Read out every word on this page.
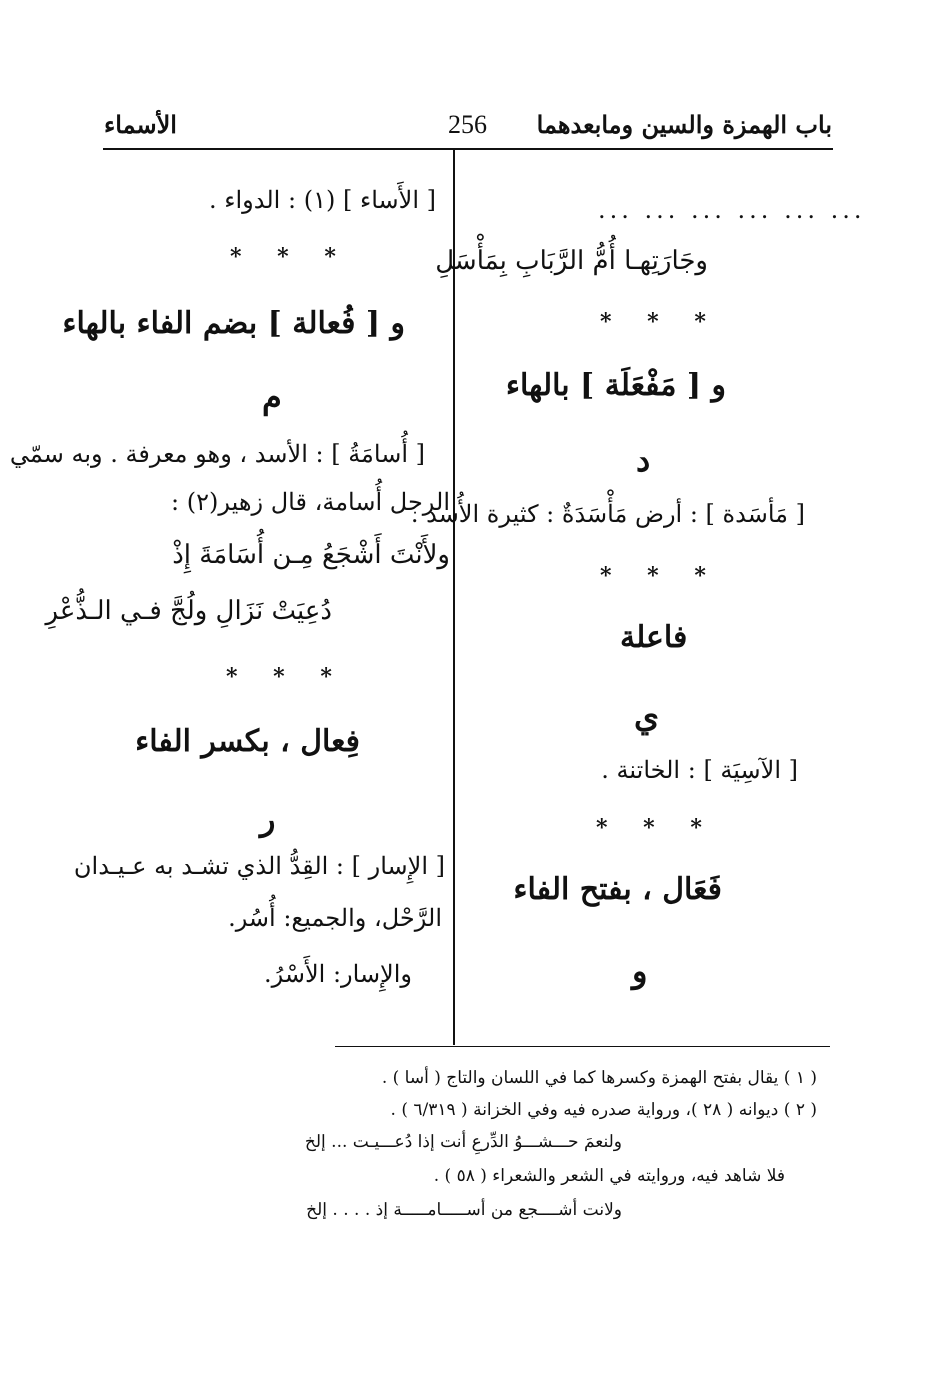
باب الهمزة والسين ومابعدهما
256
الأسماء
... ... ... ... ... ...
وجَارَتِهـا أُمُّ الرَّبَابِ بِمَأْسَلِ
* * *
و [ مَفْعَلَة ] بالهاء
د
[ مَأسَدة ] : أرض مَأْسَدَةٌ : كثيرة الأُسد .
* * *
فاعلة
ي
[ الآسِيَة ] : الخاتنة .
* * *
فَعَال ، بفتح الفاء
و
[ الأَساء ] (١) : الدواء .
* * *
و [ فُعالة ] بضم الفاء بالهاء
م
[ أُسامَةُ ] : الأسد ، وهو معرفة . وبه سمّي
الرجل أُسامة، قال زهير(٢) :
ولأَنْتَ أَشْجَعُ مِـن أُسَامَةَ إِذْ
دُعِيَتْ نَزَالِ ولُجَّ فـي الـذُّعْرِ
* * *
فِعال ، بكسر الفاء
ر
[ الإِسار ] : القِدُّ الذي تشـد به عـيـدان
الرَّحْل، والجميع: أُسُر.
والإِسار: الأَسْرُ.
( ١ ) يقال بفتح الهمزة وكسرها كما في اللسان والتاج ( أسا ) .
( ٢ ) ديوانه ( ٢٨ )، ورواية صدره فيه وفي الخزانة ( ٦/٣١٩ ) .
ولنعمَ حـــشـــوُ الدِّرعِ أنت إذا دُعـــيـت ... إلخ
فلا شاهد فيه، وروايته في الشعر والشعراء ( ٥٨ ) .
ولانت أشــــجع من أســـــامـــــة إذ . . . . إلخ
